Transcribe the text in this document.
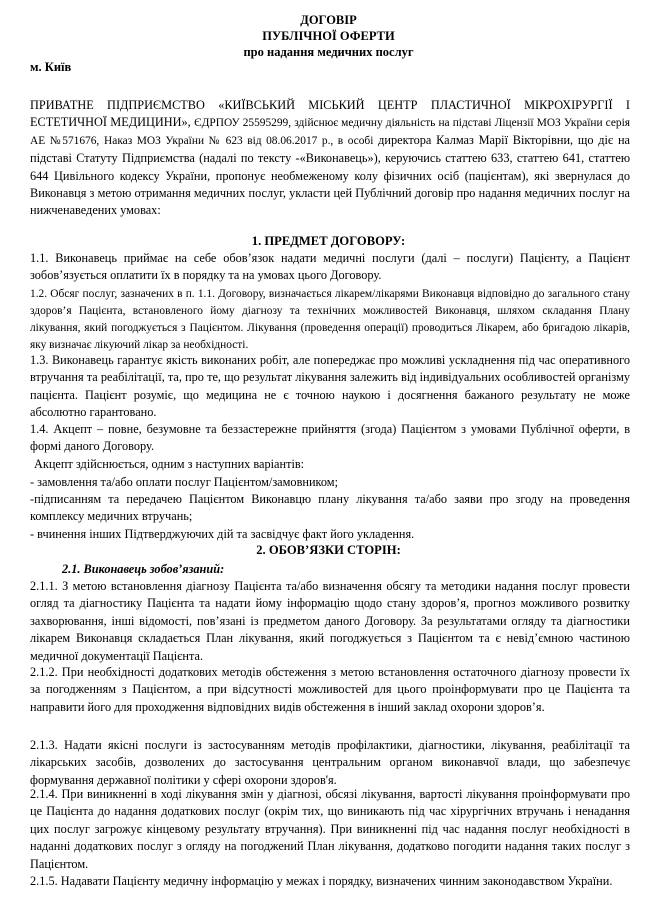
ДОГОВІР

ПУБЛІЧНОЇ ОФЕРТИ

про надання медичних послуг

м. Київ

ПРИВАТНЕ ПІДПРИЄМСТВО «КИЇВСЬКИЙ МІСЬКИЙ ЦЕНТР ПЛАСТИЧНОЇ МІКРОХІРУРГІЇ І ЕСТЕТИЧНОЇ МЕДИЦИНИ», ЄДРПОУ 25595299, здійснює медичну діяльність на підставі Ліцензії МОЗ України серія АЕ №571676, Наказ МОЗ України № 623 від 08.06.2017 р., в особі директора Калмаз Марії Вікторівни, що діє на підставі Статуту Підприємства (надалі по тексту -«Виконавець»), керуючись статтею 633, статтею 641, статтею 644 Цивільного кодексу України, пропонує необмеженому колу фізичних осіб (пацієнтам), які звернулася до Виконавця з метою отримання медичних послуг, укласти цей Публічний договір про надання медичних послуг на нижченаведених умовах:

1. ПРЕДМЕТ ДОГОВОРУ:

1.1. Виконавець приймає на себе обов’язок надати медичні послуги (далі – послуги) Пацієнту, а Пацієнт зобов’язується оплатити їх в порядку та на умовах цього Договору.

1.2. Обсяг послуг, зазначених в п. 1.1. Договору, визначається лікарем/лікарями Виконавця відповідно до загального стану здоров’я Пацієнта, встановленого йому діагнозу та технічних можливостей Виконавця, шляхом складання Плану лікування, який погоджується з Пацієнтом. Лікування (проведення операції) проводиться Лікарем, або бригадою лікарів, яку визначає лікуючий лікар за необхідності.

1.3. Виконавець гарантує якість виконаних робіт, але попереджає про можливі ускладнення під час оперативного втручання та реабілітації, та, про те, що результат лікування залежить від індивідуальних особливостей організму пацієнта. Пацієнт розуміє, що медицина не є точною наукою і досягнення бажаного результату не може абсолютно гарантовано.

1.4. Акцепт – повне, безумовне та беззастережне прийняття (згода) Пацієнтом з умовами Публічної оферти, в формі даного Договору.

Акцепт здійснюється, одним з наступних варіантів:

- замовлення та/або оплати послуг Пацієнтом/замовником;

-підписанням та передачею Пацієнтом Виконавцю плану лікування та/або заяви про згоду на проведення комплексу медичних втручань;

- вчинення інших Підтверджуючих дій та засвідчує факт його укладення.

2. ОБОВ’ЯЗКИ СТОРІН:

2.1. Виконавець зобов’язаний:

2.1.1. З метою встановлення діагнозу Пацієнта та/або визначення обсягу та методики надання послуг провести огляд та діагностику Пацієнта та надати йому інформацію щодо стану здоров’я, прогноз можливого розвитку захворювання, інші відомості, пов’язані із предметом даного Договору. За результатами огляду та діагностики лікарем Виконавця складається План лікування, який погоджується з Пацієнтом та є невід’ємною частиною медичної документації Пацієнта.

2.1.2. При необхідності додаткових методів обстеження з метою встановлення остаточного діагнозу провести їх за погодженням з Пацієнтом, а при відсутності можливостей для цього проінформувати про це Пацієнта та направити його для проходження відповідних видів обстеження в інший заклад охорони здоров’я.

2.1.3. Надати якісні послуги із застосуванням методів профілактики, діагностики, лікування, реабілітації та лікарських засобів, дозволених до застосування центральним органом виконавчої влади, що забезпечує формування державної політики у сфері охорони здоров'я.

2.1.4. При виникненні в ході лікування змін у діагнозі, обсязі лікування, вартості лікування проінформувати про це Пацієнта до надання додаткових послуг (окрім тих, що виникають під час хірургічних втручань і ненадання цих послуг загрожує кінцевому результату втручання). При виникненні під час надання послуг необхідності в наданні додаткових послуг з огляду на погоджений План лікування, додатково погодити надання таких послуг з Пацієнтом.

2.1.5. Надавати Пацієнту медичну інформацію у межах і порядку, визначених чинним законодавством України.
